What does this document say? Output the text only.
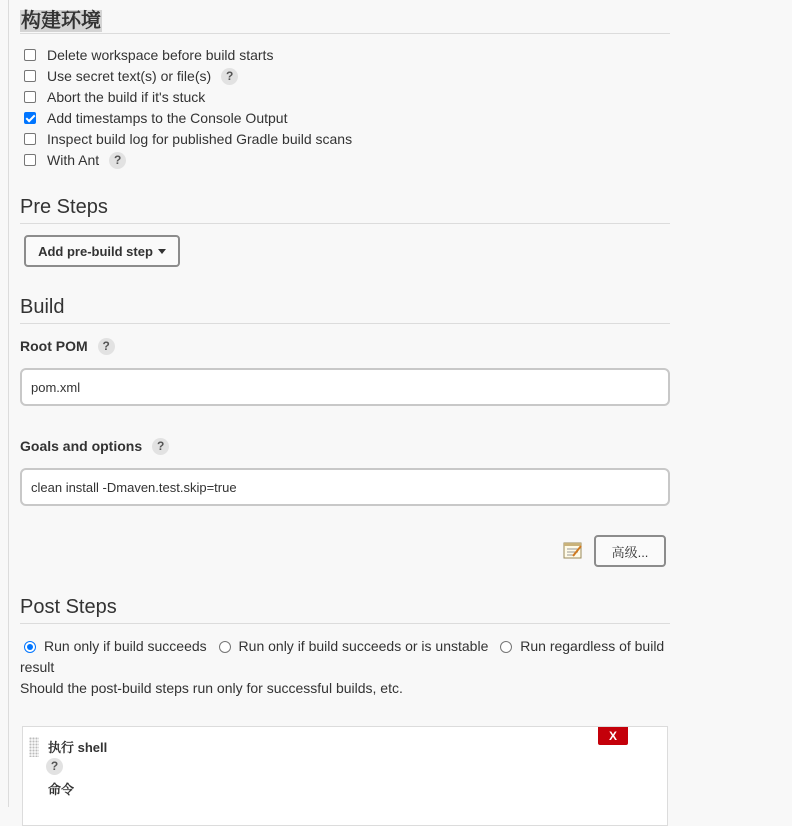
构建环境
Delete workspace before build starts
Use secret text(s) or file(s)	?
Abort the build if it's stuck
Add timestamps to the Console Output
Inspect build log for published Gradle build scans
With Ant	?
Pre Steps
Add pre-build step
Build
Root POM	?
pom.xml
Goals and options	?
clean install -Dmaven.test.skip=true
高级...
Post Steps
Run only if build succeeds Run only if build succeeds or is unstable Run regardless of build result
Should the post-build steps run only for successful builds, etc.
X
执行 shell
?
命令
